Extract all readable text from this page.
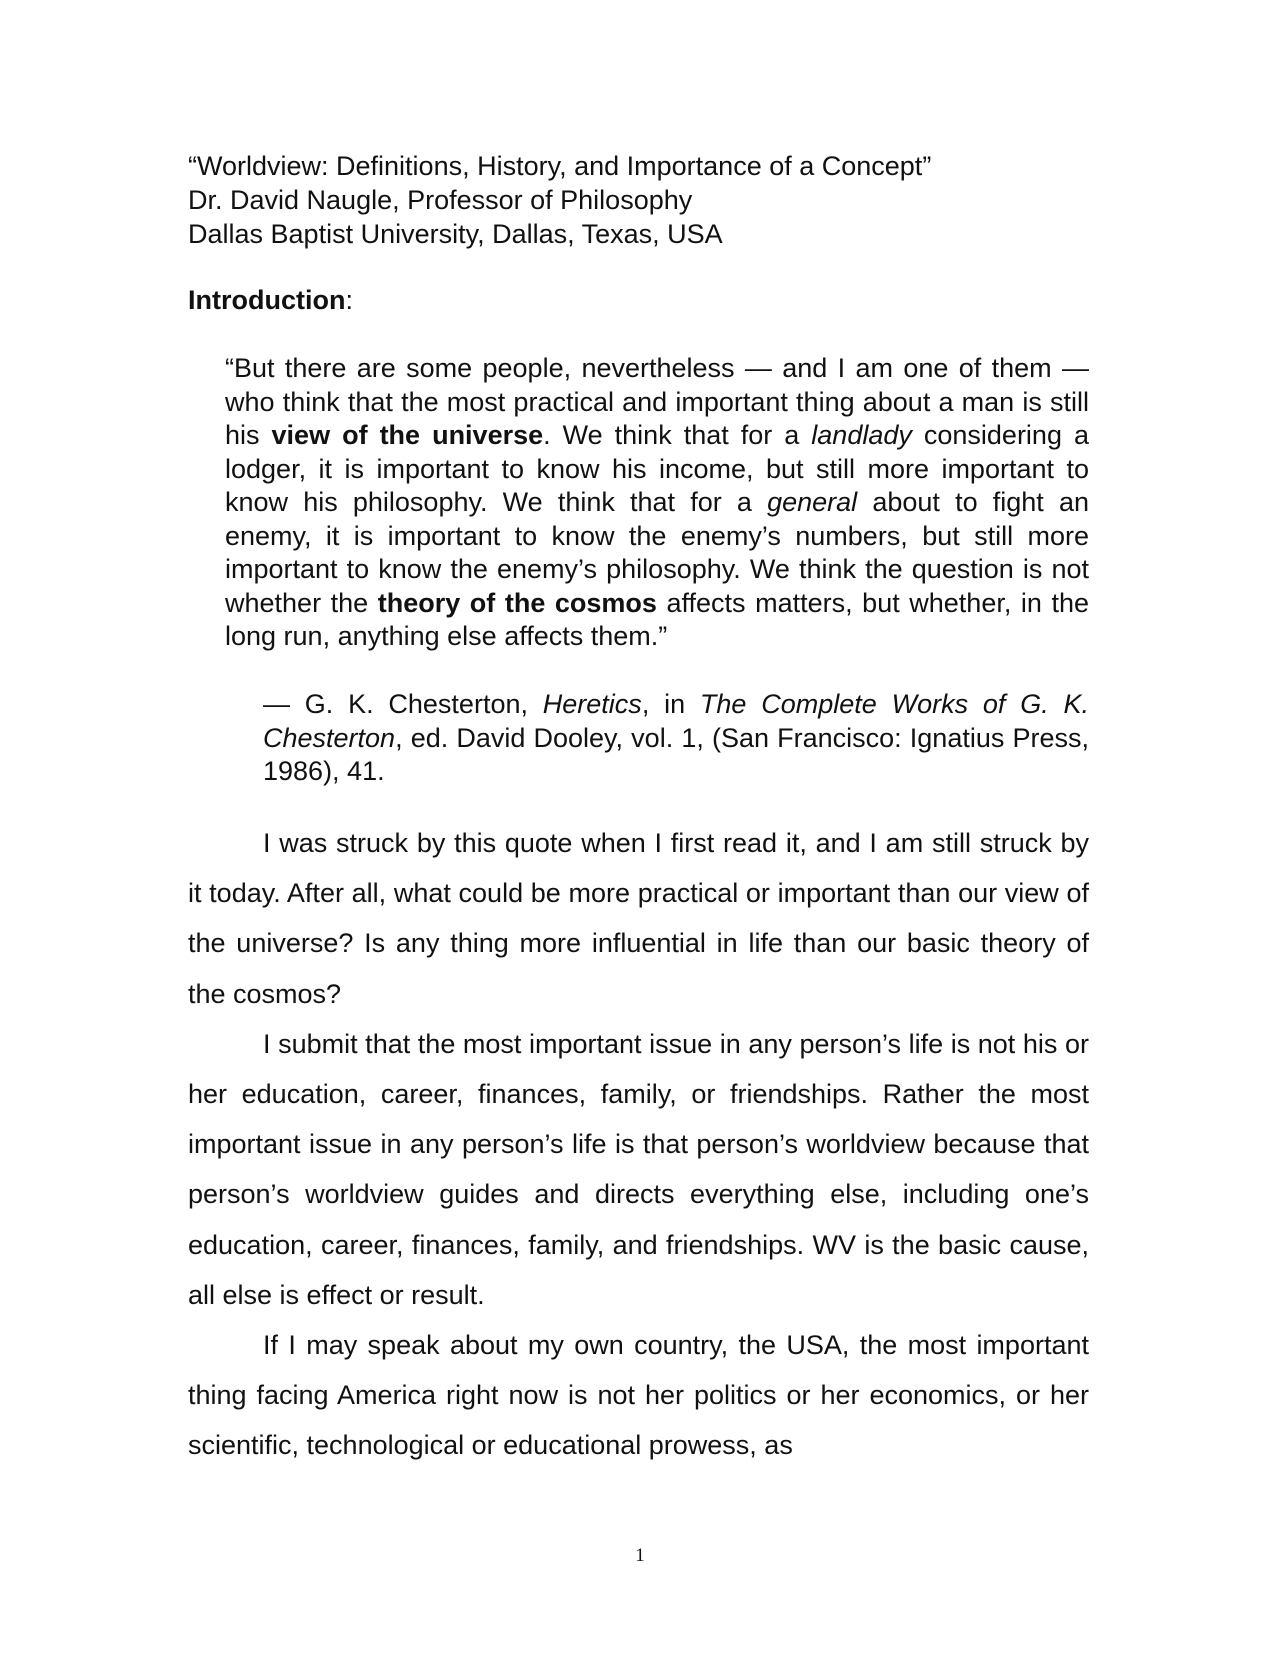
“Worldview: Definitions, History, and Importance of a Concept”
Dr. David Naugle, Professor of Philosophy
Dallas Baptist University, Dallas, Texas, USA
Introduction:
“But there are some people, nevertheless — and I am one of them — who think that the most practical and important thing about a man is still his view of the universe. We think that for a landlady considering a lodger, it is important to know his income, but still more important to know his philosophy. We think that for a general about to fight an enemy, it is important to know the enemy’s numbers, but still more important to know the enemy’s philosophy. We think the question is not whether the theory of the cosmos affects matters, but whether, in the long run, anything else affects them.”
— G. K. Chesterton, Heretics, in The Complete Works of G. K. Chesterton, ed. David Dooley, vol. 1, (San Francisco: Ignatius Press, 1986), 41.

I was struck by this quote when I first read it, and I am still struck by it today. After all, what could be more practical or important than our view of the universe? Is any thing more influential in life than our basic theory of the cosmos?

I submit that the most important issue in any person’s life is not his or her education, career, finances, family, or friendships. Rather the most important issue in any person’s life is that person’s worldview because that person’s worldview guides and directs everything else, including one’s education, career, finances, family, and friendships. WV is the basic cause, all else is effect or result.

If I may speak about my own country, the USA, the most important thing facing America right now is not her politics or her economics, or her scientific, technological or educational prowess, as

1
